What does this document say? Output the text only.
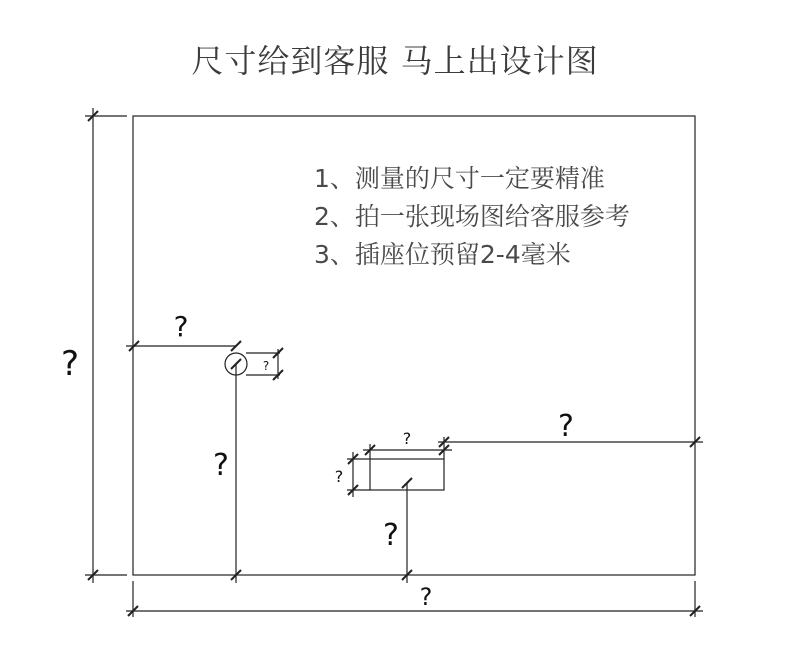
尺寸给到客服 马上出设计图
1、测量的尺寸一定要精准
2、拍一张现场图给客服参考
3、插座位预留2-4毫米
?
?
?
?
?
?
?
?
?
